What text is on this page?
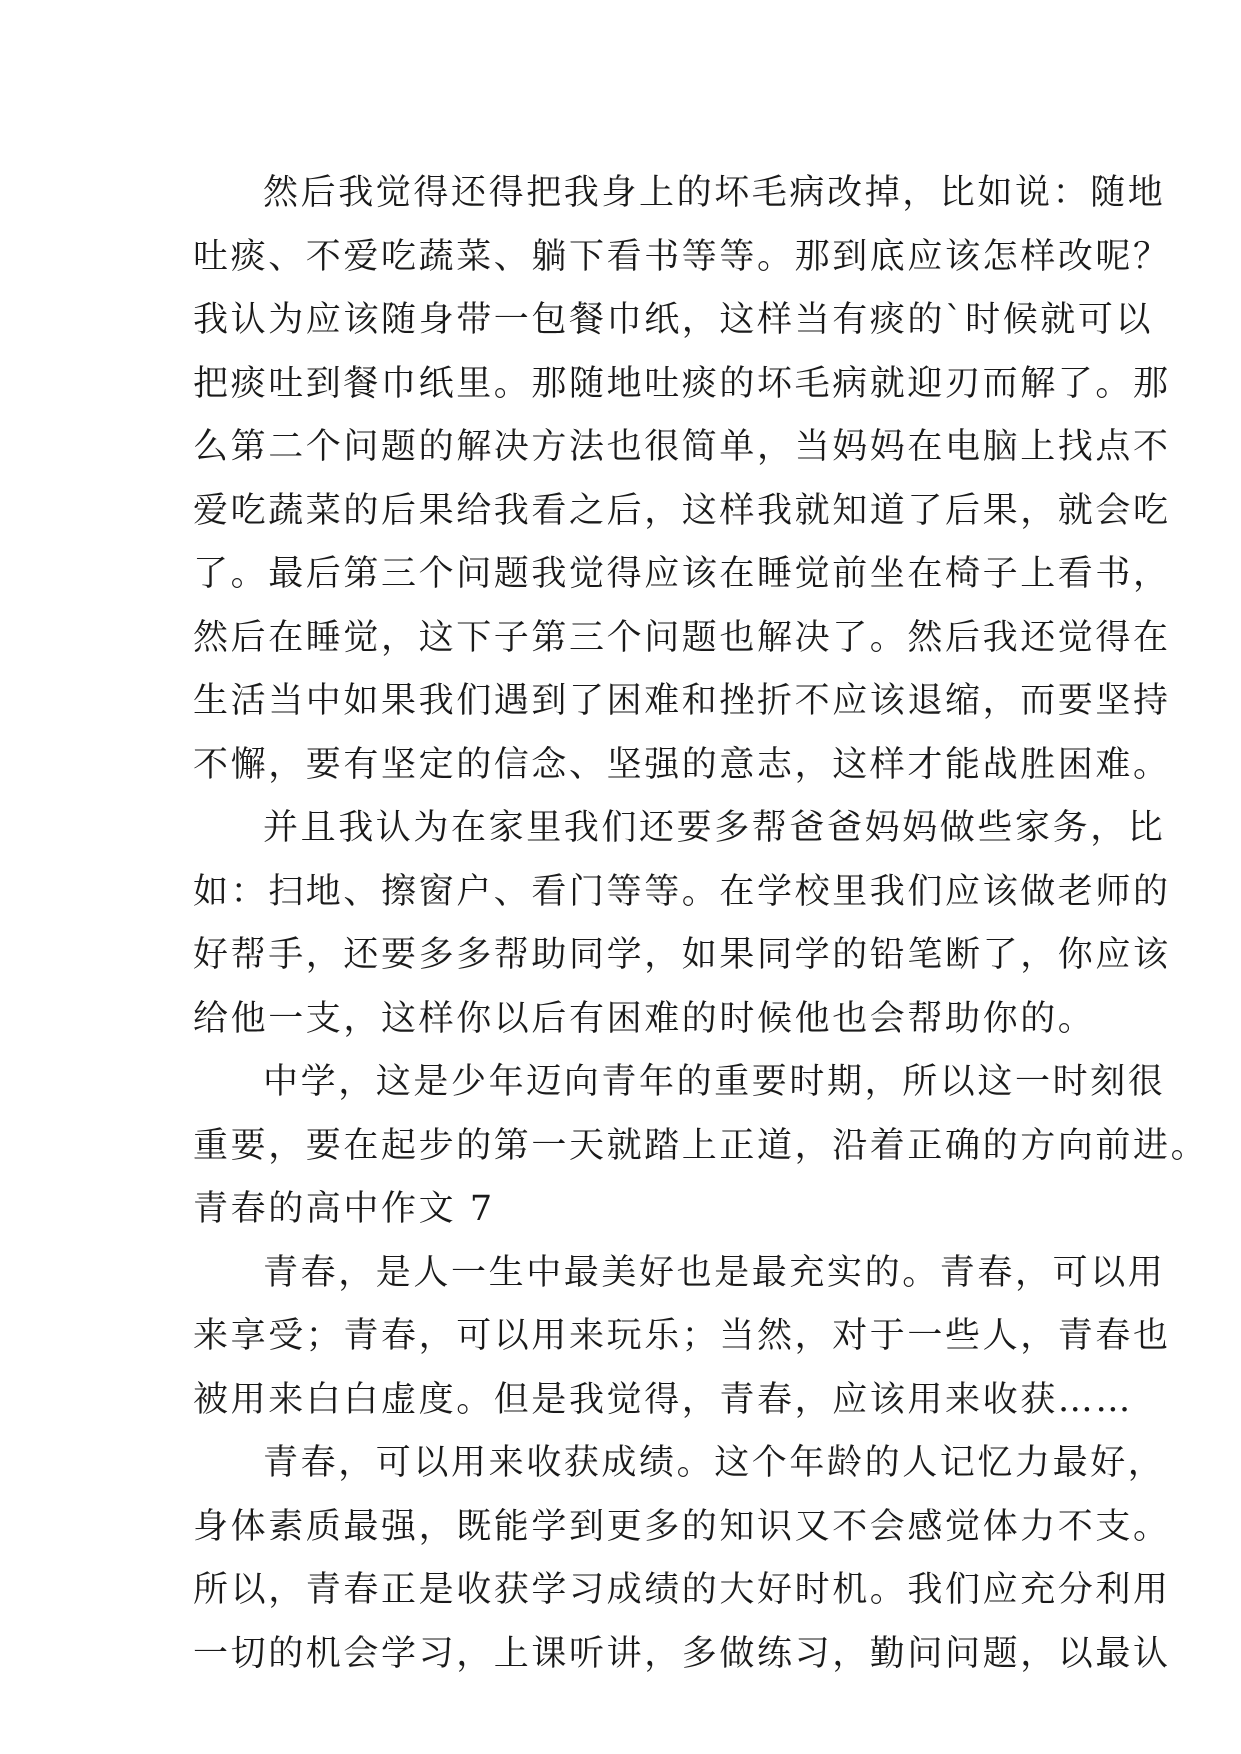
然后我觉得还得把我身上的坏毛病改掉，比如说：随地
吐痰、不爱吃蔬菜、躺下看书等等。那到底应该怎样改呢？
我认为应该随身带一包餐巾纸，这样当有痰的`时候就可以
把痰吐到餐巾纸里。那随地吐痰的坏毛病就迎刃而解了。那
么第二个问题的解决方法也很简单，当妈妈在电脑上找点不
爱吃蔬菜的后果给我看之后，这样我就知道了后果，就会吃
了。最后第三个问题我觉得应该在睡觉前坐在椅子上看书，
然后在睡觉，这下子第三个问题也解决了。然后我还觉得在
生活当中如果我们遇到了困难和挫折不应该退缩，而要坚持
不懈，要有坚定的信念、坚强的意志，这样才能战胜困难。
并且我认为在家里我们还要多帮爸爸妈妈做些家务，比
如：扫地、擦窗户、看门等等。在学校里我们应该做老师的
好帮手，还要多多帮助同学，如果同学的铅笔断了，你应该
给他一支，这样你以后有困难的时候他也会帮助你的。
中学，这是少年迈向青年的重要时期，所以这一时刻很
重要，要在起步的第一天就踏上正道，沿着正确的方向前进。
青春的高中作文 7
青春，是人一生中最美好也是最充实的。青春，可以用
来享受；青春，可以用来玩乐；当然，对于一些人，青春也
被用来白白虚度。但是我觉得，青春，应该用来收获……
青春，可以用来收获成绩。这个年龄的人记忆力最好，
身体素质最强，既能学到更多的知识又不会感觉体力不支。
所以，青春正是收获学习成绩的大好时机。我们应充分利用
一切的机会学习，上课听讲，多做练习，勤问问题，以最认
